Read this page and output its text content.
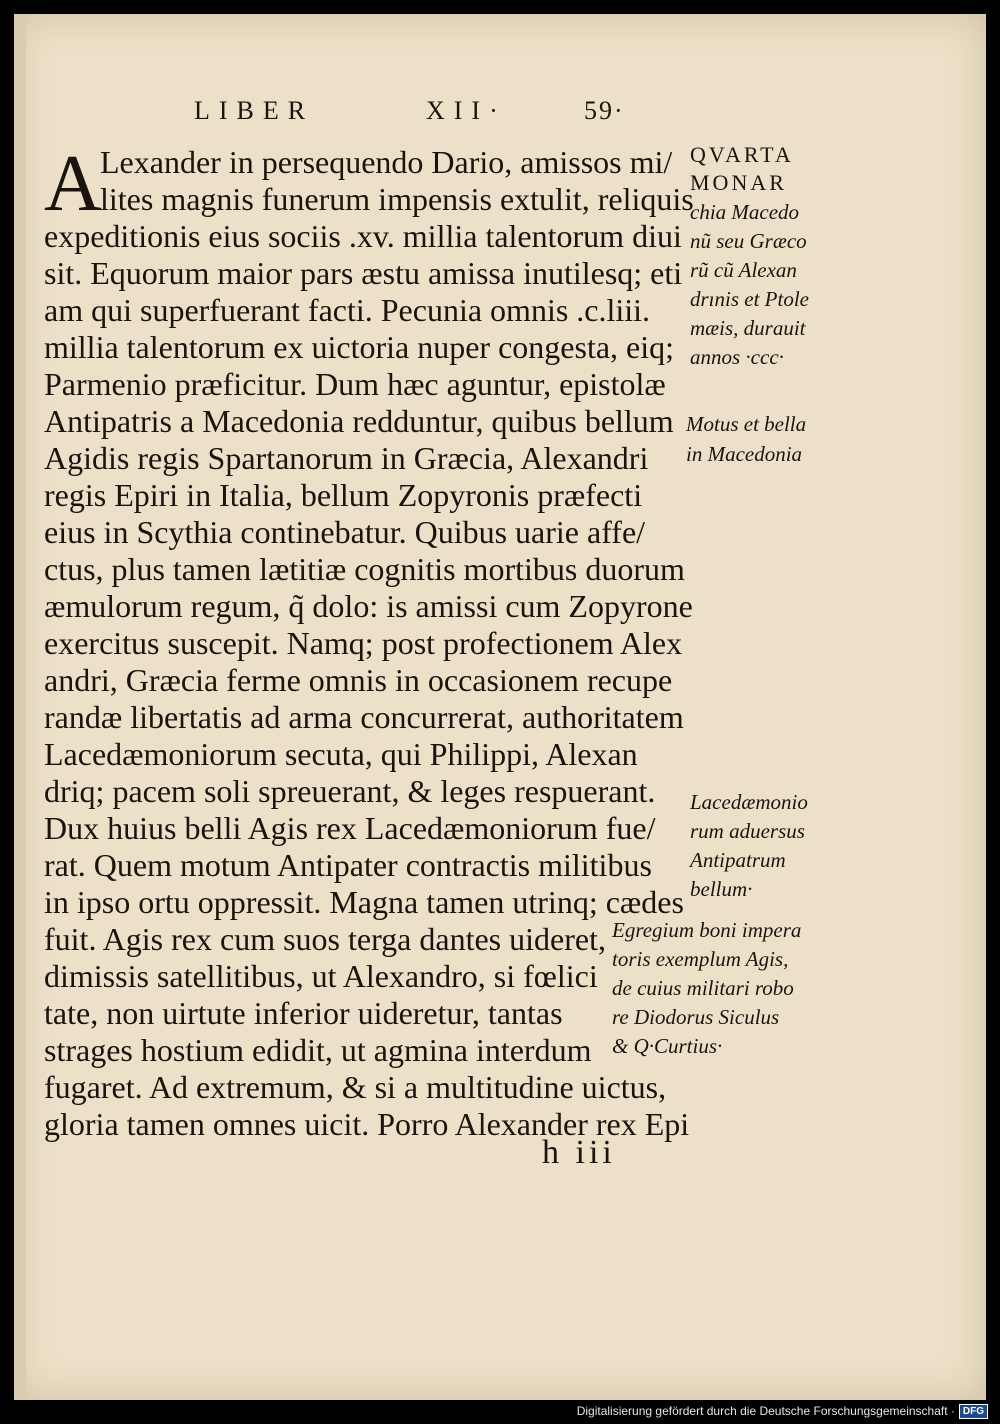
LIBER	XII·	59·
A
Lexander in persequendo Dario, amissos mi/
lites magnis funerum impensis extulit, reliquis
expeditionis eius sociis .xv. millia talentorum diui
sit. Equorum maior pars æstu amissa inutilesq; eti
am qui superfuerant facti. Pecunia omnis .c.liii.
millia talentorum ex uictoria nuper congesta, eiq;
Parmenio præficitur. Dum hæc aguntur, epistolæ
Antipatris a Macedonia redduntur, quibus bellum
Agidis regis Spartanorum in Græcia, Alexandri
regis Epiri in Italia, bellum Zopyronis præfecti
eius in Scythia continebatur. Quibus uarie affe/
ctus, plus tamen lætitiæ cognitis mortibus duorum
æmulorum regum, q̃ dolo: is amissi cum Zopyrone
exercitus suscepit. Namq; post profectionem Alex
andri, Græcia ferme omnis in occasionem recupe
randæ libertatis ad arma concurrerat, authoritatem
Lacedæmoniorum secuta, qui Philippi, Alexan
driq; pacem soli spreuerant, & leges respuerant.
Dux huius belli Agis rex Lacedæmoniorum fue/
rat. Quem motum Antipater contractis militibus
in ipso ortu oppressit. Magna tamen utrinq; cædes
fuit. Agis rex cum suos terga dantes uideret,
dimissis satellitibus, ut Alexandro, si fœlici
tate, non uirtute inferior uideretur, tantas
strages hostium edidit, ut agmina interdum
fugaret. Ad extremum, & si a multitudine uictus,
gloria tamen omnes uicit. Porro Alexander rex Epi
QVARTA
MONAR
chia Macedo
nũ seu Græco
rũ cũ Alexan
drınis et Ptole
mæis, durauit
annos ·ccc·
Motus et bella
in Macedonia
Lacedæmonio
rum aduersus
Antipatrum
bellum·
Egregium boni impera
toris exemplum Agis,
de cuius militari robo
re Diodorus Siculus
& Q·Curtius·
h iii
Digitalisierung gefördert durch die Deutsche Forschungsgemeinschaft · DFG
